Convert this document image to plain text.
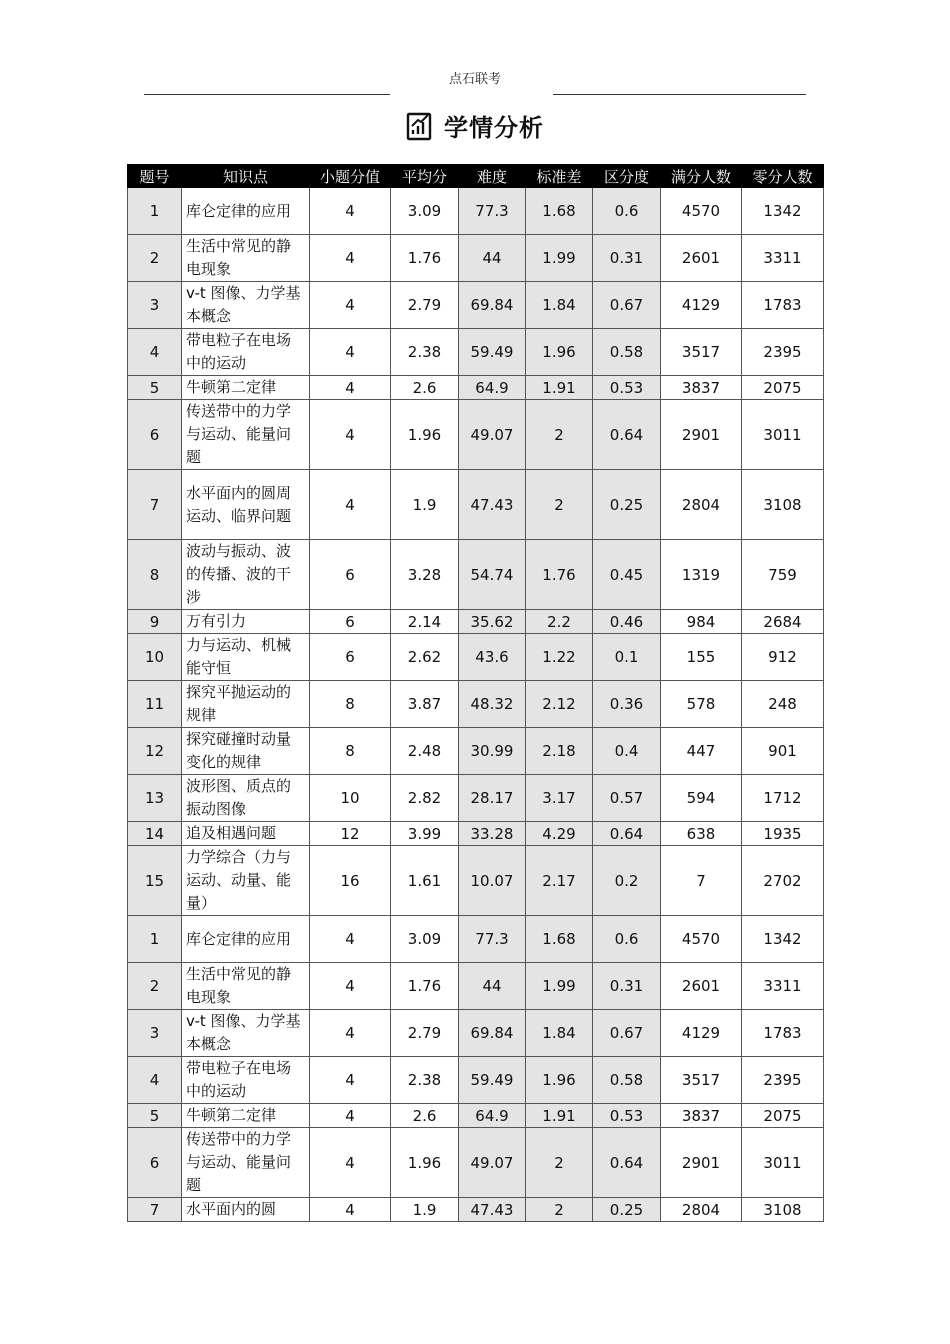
点石联考
学情分析
题号	知识点	小题分值	平均分	难度	标准差	区分度	满分人数	零分人数
1	库仑定律的应用	4	3.09	77.3	1.68	0.6	4570	1342
2	生活中常见的静电现象	4	1.76	44	1.99	0.31	2601	3311
3	v-t 图像、力学基本概念	4	2.79	69.84	1.84	0.67	4129	1783
4	带电粒子在电场中的运动	4	2.38	59.49	1.96	0.58	3517	2395
5	牛顿第二定律	4	2.6	64.9	1.91	0.53	3837	2075
6	传送带中的力学与运动、能量问题	4	1.96	49.07	2	0.64	2901	3011
7	水平面内的圆周运动、临界问题	4	1.9	47.43	2	0.25	2804	3108
8	波动与振动、波的传播、波的干涉	6	3.28	54.74	1.76	0.45	1319	759
9	万有引力	6	2.14	35.62	2.2	0.46	984	2684
10	力与运动、机械能守恒	6	2.62	43.6	1.22	0.1	155	912
11	探究平抛运动的规律	8	3.87	48.32	2.12	0.36	578	248
12	探究碰撞时动量变化的规律	8	2.48	30.99	2.18	0.4	447	901
13	波形图、质点的振动图像	10	2.82	28.17	3.17	0.57	594	1712
14	追及相遇问题	12	3.99	33.28	4.29	0.64	638	1935
15	力学综合（力与运动、动量、能量）	16	1.61	10.07	2.17	0.2	7	2702
1	库仑定律的应用	4	3.09	77.3	1.68	0.6	4570	1342
2	生活中常见的静电现象	4	1.76	44	1.99	0.31	2601	3311
3	v-t 图像、力学基本概念	4	2.79	69.84	1.84	0.67	4129	1783
4	带电粒子在电场中的运动	4	2.38	59.49	1.96	0.58	3517	2395
5	牛顿第二定律	4	2.6	64.9	1.91	0.53	3837	2075
6	传送带中的力学与运动、能量问题	4	1.96	49.07	2	0.64	2901	3011
7	水平面内的圆	4	1.9	47.43	2	0.25	2804	3108
